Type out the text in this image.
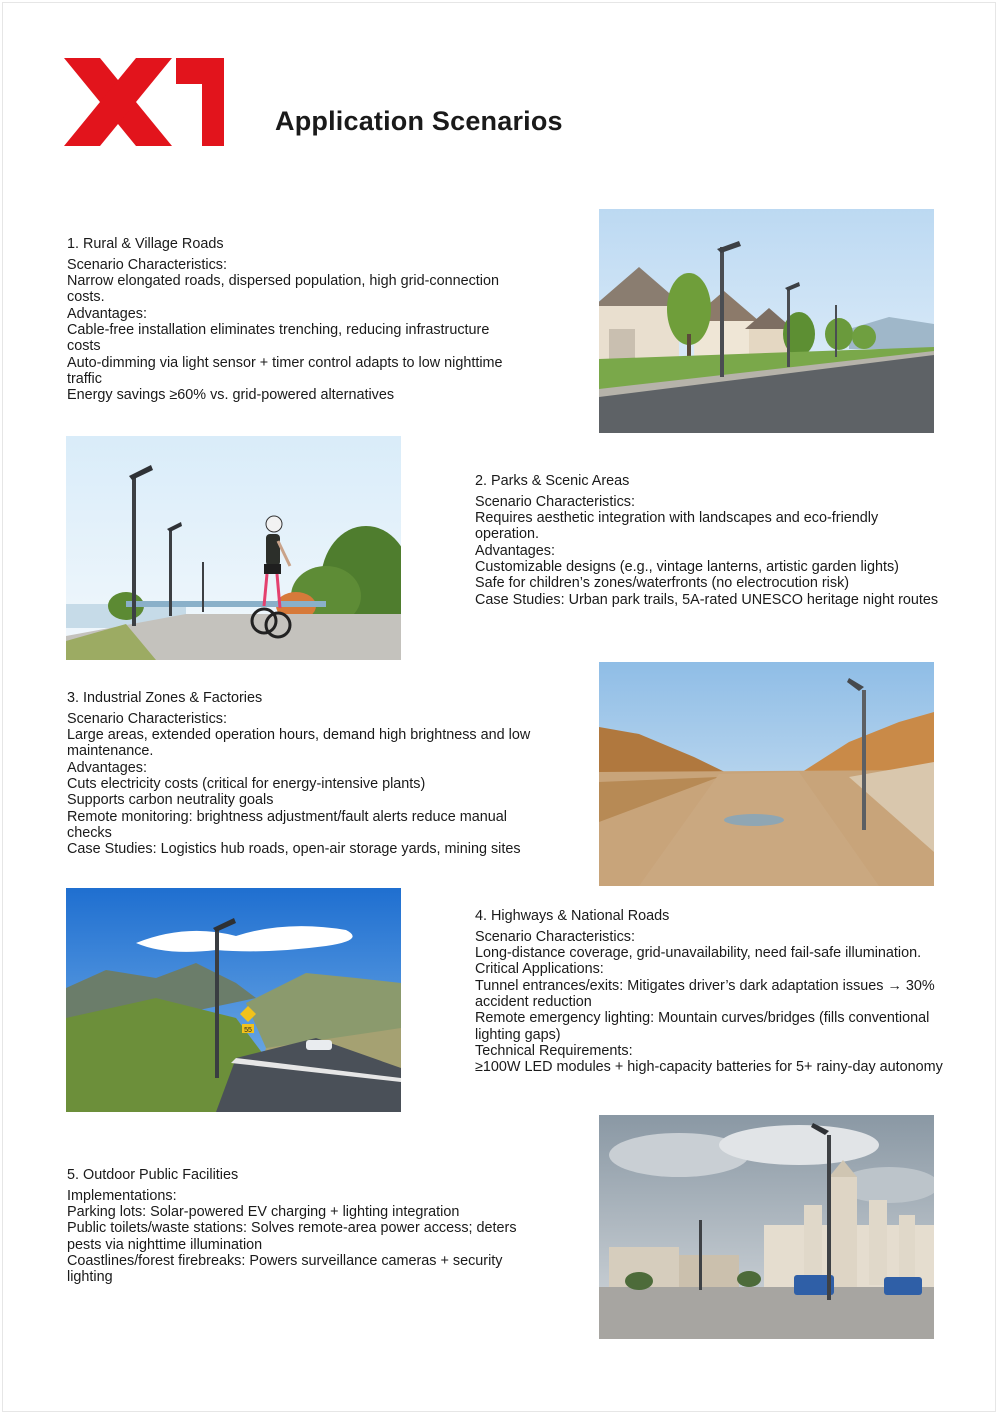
Application Scenarios
1. Rural & Village Roads
Scenario Characteristics:
Narrow elongated roads, dispersed population, high grid-connection costs.
Advantages:
Cable-free installation eliminates trenching, reducing infrastructure costs
Auto-dimming via light sensor + timer control adapts to low nighttime traffic
Energy savings ≥60% vs. grid-powered alternatives
2. Parks & Scenic Areas
Scenario Characteristics:
Requires aesthetic integration with landscapes and eco-friendly operation.
Advantages:
Customizable designs (e.g., vintage lanterns, artistic garden lights)
Safe for children’s zones/waterfronts (no electrocution risk)
Case Studies: Urban park trails, 5A-rated UNESCO heritage night routes
3. Industrial Zones & Factories
Scenario Characteristics:
Large areas, extended operation hours, demand high brightness and low maintenance.
Advantages:
Cuts electricity costs (critical for energy-intensive plants)
Supports carbon neutrality goals
Remote monitoring: brightness adjustment/fault alerts reduce manual checks
Case Studies: Logistics hub roads, open-air storage yards, mining sites
55
4. Highways & National Roads
Scenario Characteristics:
Long-distance coverage, grid-unavailability, need fail-safe illumination.
Critical Applications:
Tunnel entrances/exits: Mitigates driver’s dark adaptation issues → 30% accident reduction
Remote emergency lighting: Mountain curves/bridges (fills conventional lighting gaps)
Technical Requirements:
≥100W LED modules + high-capacity batteries for 5+ rainy-day autonomy
5. Outdoor Public Facilities
Implementations:
Parking lots: Solar-powered EV charging + lighting integration
Public toilets/waste stations: Solves remote-area power access; deters pests via nighttime illumination
Coastlines/forest firebreaks: Powers surveillance cameras + security lighting
